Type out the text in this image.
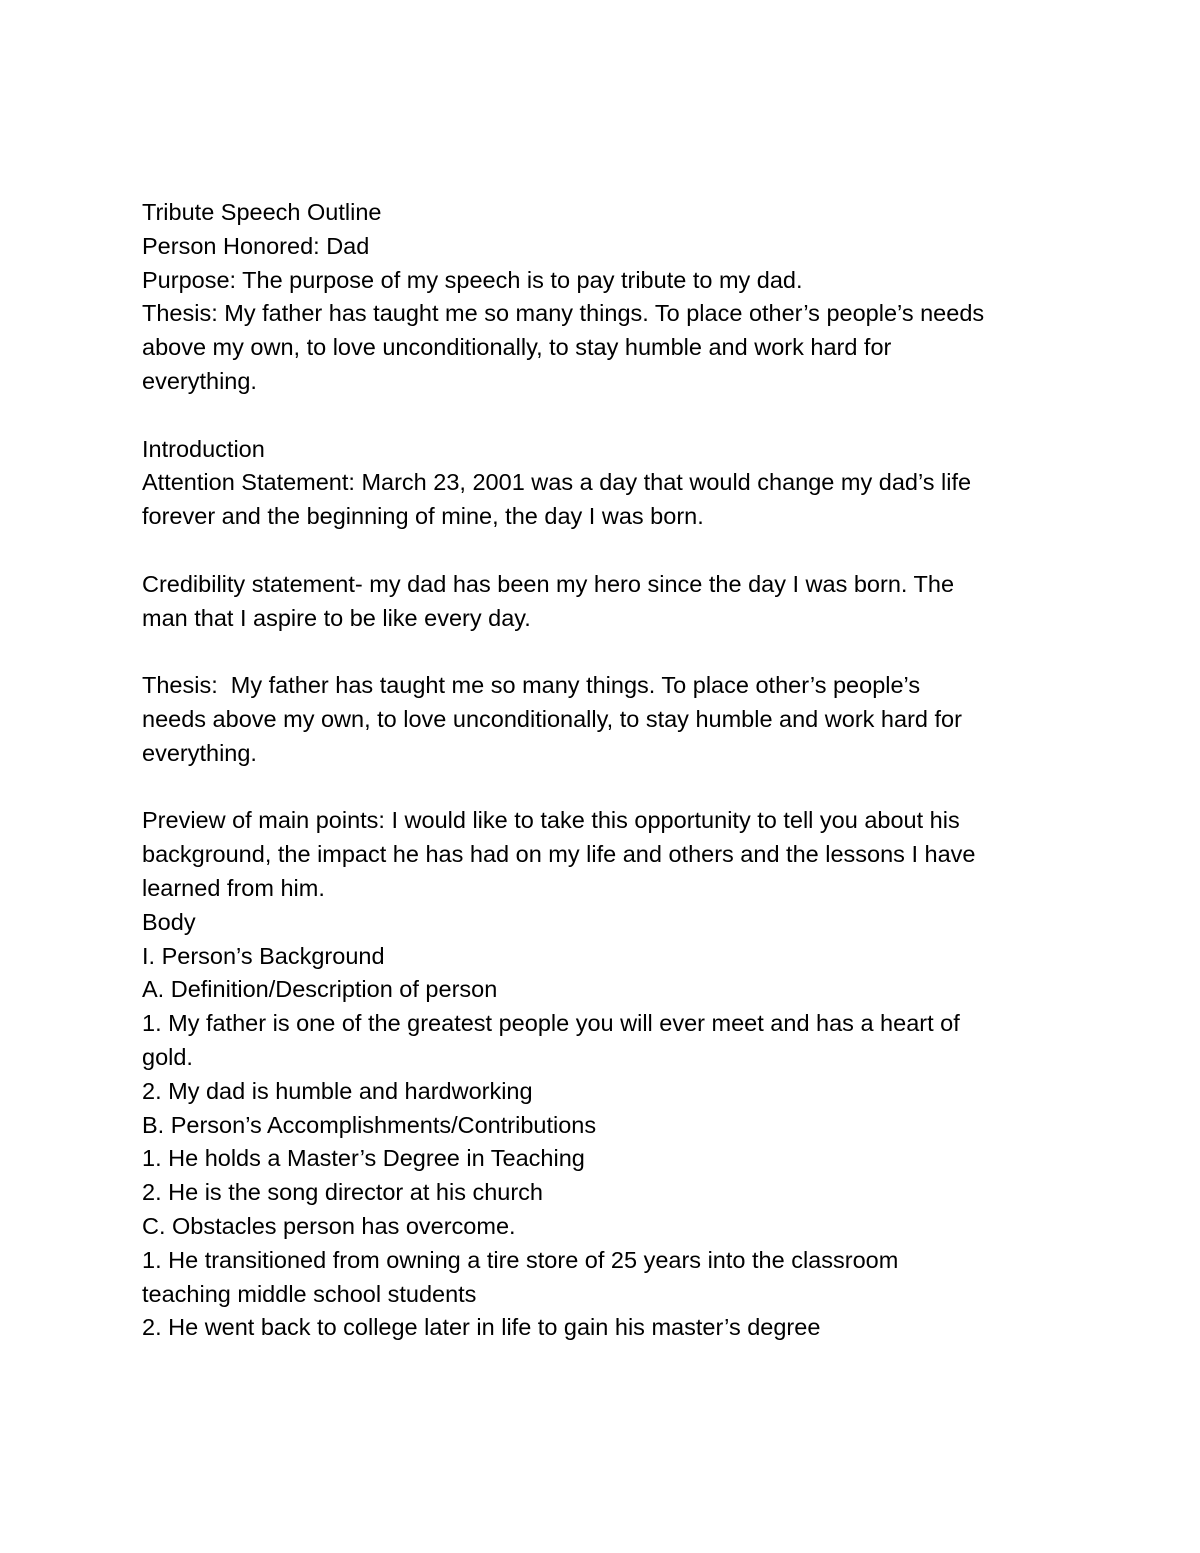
Tribute Speech Outline
Person Honored: Dad
Purpose: The purpose of my speech is to pay tribute to my dad.
Thesis: My father has taught me so many things. To place other’s people’s needs
above my own, to love unconditionally, to stay humble and work hard for
everything.
Introduction
Attention Statement: March 23, 2001 was a day that would change my dad’s life
forever and the beginning of mine, the day I was born.
Credibility statement- my dad has been my hero since the day I was born. The
man that I aspire to be like every day.
Thesis:  My father has taught me so many things. To place other’s people’s
needs above my own, to love unconditionally, to stay humble and work hard for
everything.
Preview of main points: I would like to take this opportunity to tell you about his
background, the impact he has had on my life and others and the lessons I have
learned from him.
Body
I. Person’s Background
A. Definition/Description of person
1. My father is one of the greatest people you will ever meet and has a heart of
gold.
2. My dad is humble and hardworking
B. Person’s Accomplishments/Contributions
1. He holds a Master’s Degree in Teaching
2. He is the song director at his church
C. Obstacles person has overcome.
1. He transitioned from owning a tire store of 25 years into the classroom
teaching middle school students
2. He went back to college later in life to gain his master’s degree
